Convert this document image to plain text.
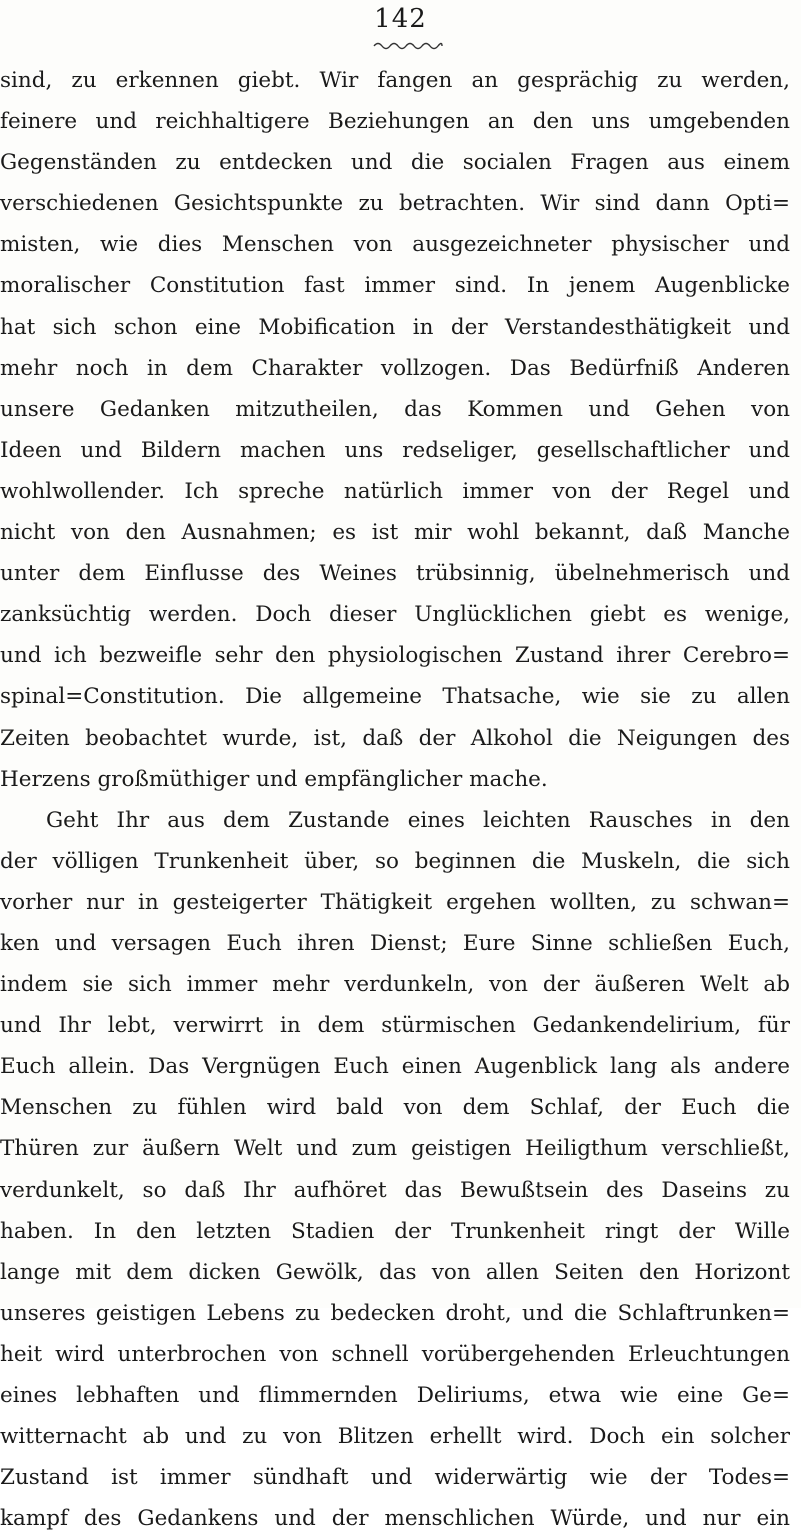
142
sind, zu erkennen giebt. Wir fangen an gesprächig zu werden,
feinere und reichhaltigere Beziehungen an den uns umgebenden
Gegenständen zu entdecken und die socialen Fragen aus einem
verschiedenen Gesichtspunkte zu betrachten. Wir sind dann Opti=
misten, wie dies Menschen von ausgezeichneter physischer und
moralischer Constitution fast immer sind. In jenem Augenblicke
hat sich schon eine Mobification in der Verstandesthätigkeit und
mehr noch in dem Charakter vollzogen. Das Bedürfniß Anderen
unsere Gedanken mitzutheilen, das Kommen und Gehen von
Ideen und Bildern machen uns redseliger, gesellschaftlicher und
wohlwollender. Ich spreche natürlich immer von der Regel und
nicht von den Ausnahmen; es ist mir wohl bekannt, daß Manche
unter dem Einflusse des Weines trübsinnig, übelnehmerisch und
zanksüchtig werden. Doch dieser Unglücklichen giebt es wenige,
und ich bezweifle sehr den physiologischen Zustand ihrer Cerebro=
spinal=Constitution. Die allgemeine Thatsache, wie sie zu allen
Zeiten beobachtet wurde, ist, daß der Alkohol die Neigungen des
Herzens großmüthiger und empfänglicher mache.
Geht Ihr aus dem Zustande eines leichten Rausches in den
der völligen Trunkenheit über, so beginnen die Muskeln, die sich
vorher nur in gesteigerter Thätigkeit ergehen wollten, zu schwan=
ken und versagen Euch ihren Dienst; Eure Sinne schließen Euch,
indem sie sich immer mehr verdunkeln, von der äußeren Welt ab
und Ihr lebt, verwirrt in dem stürmischen Gedankendelirium, für
Euch allein. Das Vergnügen Euch einen Augenblick lang als andere
Menschen zu fühlen wird bald von dem Schlaf, der Euch die
Thüren zur äußern Welt und zum geistigen Heiligthum verschließt,
verdunkelt, so daß Ihr aufhöret das Bewußtsein des Daseins zu
haben. In den letzten Stadien der Trunkenheit ringt der Wille
lange mit dem dicken Gewölk, das von allen Seiten den Horizont
unseres geistigen Lebens zu bedecken droht, und die Schlaftrunken=
heit wird unterbrochen von schnell vorübergehenden Erleuchtungen
eines lebhaften und flimmernden Deliriums, etwa wie eine Ge=
witternacht ab und zu von Blitzen erhellt wird. Doch ein solcher
Zustand ist immer sündhaft und widerwärtig wie der Todes=
kampf des Gedankens und der menschlichen Würde, und nur ein
